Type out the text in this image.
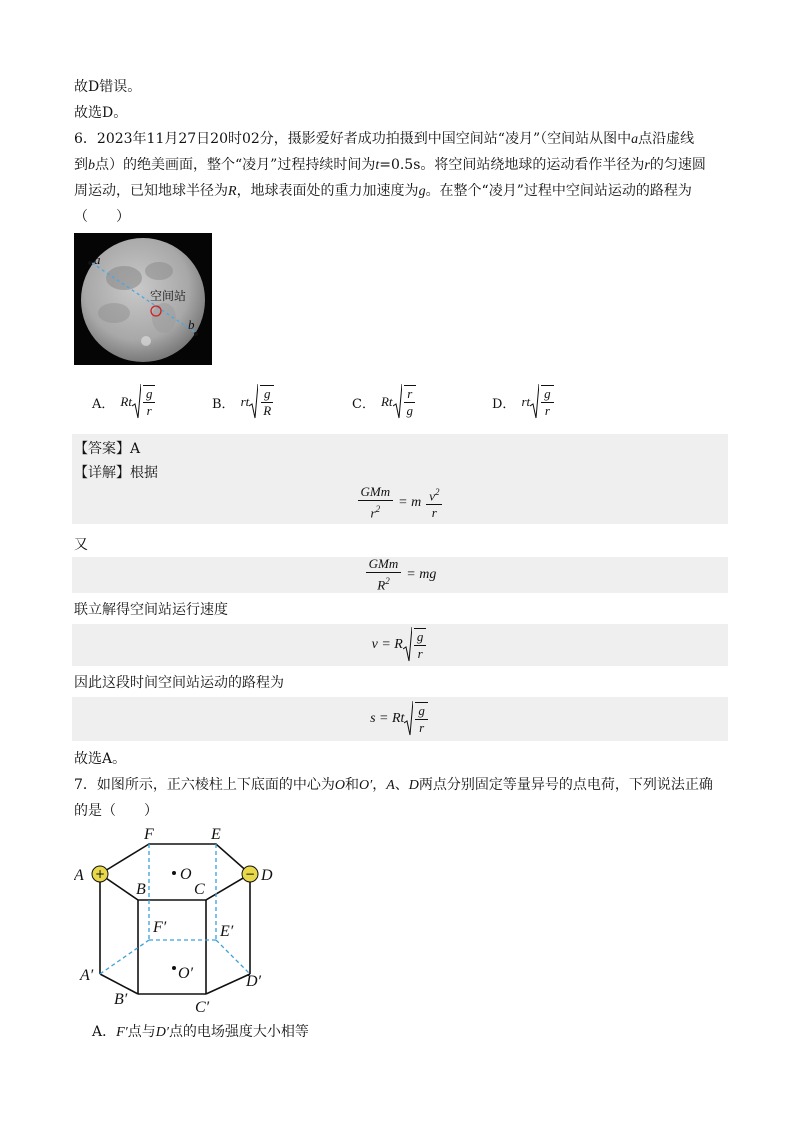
故D错误。
故选D。
6．2023年11月27日20时02分，摄影爱好者成功拍摄到中国空间站“凌月”（空间站从图中a点沿虚线
到b点）的绝美画面，整个“凌月”过程持续时间为t=0.5s。将空间站绕地球的运动看作半径为r的匀速圆
周运动，已知地球半径为R，地球表面处的重力加速度为g。在整个“凌月”过程中空间站运动的路程为
（　　）
a
b
空间站
A． Rt $\frac{g}{r}$	B． rt $\frac{g}{R}$	C． Rt $\frac{r}{g}$	D． rt $\frac{g}{r}$
【答案】A
【详解】根据
$\frac{\text{GMm}}{r^2} = m \frac{v^2}{r}$
又
$\frac{\text{GMm}}{R^2}$ = mg
联立解得空间站运行速度
v = R $\frac{g}{r}$
因此这段时间空间站运动的路程为
s = Rt $\frac{g}{r}$
故选A。
7．如图所示，正六棱柱上下底面的中心为O和O′，A、D两点分别固定等量异号的点电荷，下列说法正确
的是（　　）
+	−
F	E
A	D
B	C
O
F′	E′
A′	D′
O′
B′	C′
A．F′点与D′点的电场强度大小相等
